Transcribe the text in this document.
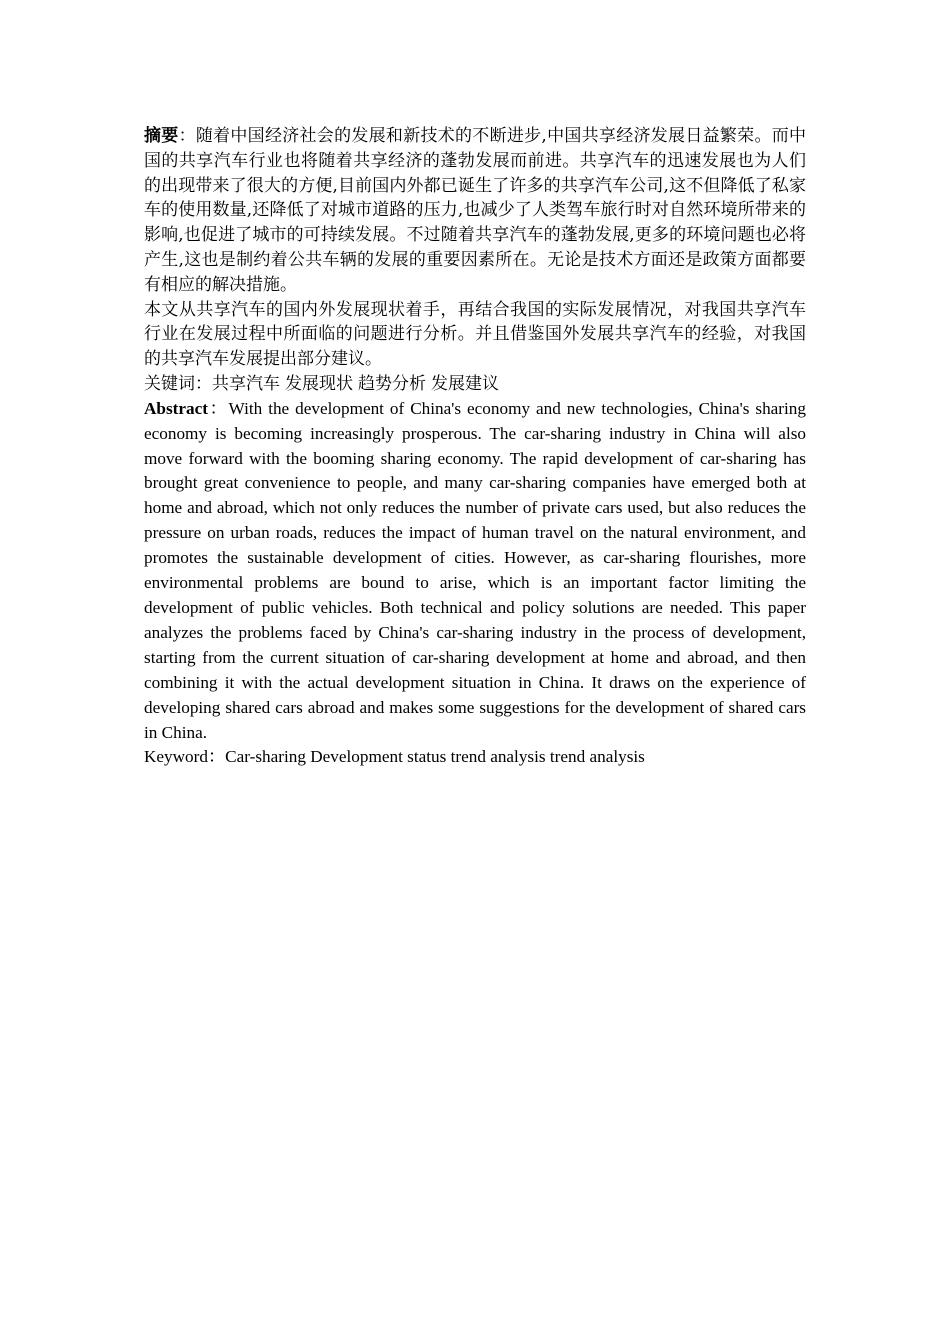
摘要：随着中国经济社会的发展和新技术的不断进步,中国共享经济发展日益繁荣。而中国的共享汽车行业也将随着共享经济的蓬勃发展而前进。共享汽车的迅速发展也为人们的出现带来了很大的方便,目前国内外都已诞生了许多的共享汽车公司,这不但降低了私家车的使用数量,还降低了对城市道路的压力,也减少了人类驾车旅行时对自然环境所带来的影响,也促进了城市的可持续发展。不过随着共享汽车的蓬勃发展,更多的环境问题也必将产生,这也是制约着公共车辆的发展的重要因素所在。无论是技术方面还是政策方面都要有相应的解决措施。

本文从共享汽车的国内外发展现状着手，再结合我国的实际发展情况，对我国共享汽车行业在发展过程中所面临的问题进行分析。并且借鉴国外发展共享汽车的经验，对我国的共享汽车发展提出部分建议。

关键词：共享汽车 发展现状 趋势分析 发展建议

Abstract：With the development of China's economy and new technologies, China's sharing economy is becoming increasingly prosperous. The car-sharing industry in China will also move forward with the booming sharing economy. The rapid development of car-sharing has brought great convenience to people, and many car-sharing companies have emerged both at home and abroad, which not only reduces the number of private cars used, but also reduces the pressure on urban roads, reduces the impact of human travel on the natural environment, and promotes the sustainable development of cities. However, as car-sharing flourishes, more environmental problems are bound to arise, which is an important factor limiting the development of public vehicles. Both technical and policy solutions are needed. This paper analyzes the problems faced by China's car-sharing industry in the process of development, starting from the current situation of car-sharing development at home and abroad, and then combining it with the actual development situation in China. It draws on the experience of developing shared cars abroad and makes some suggestions for the development of shared cars in China.

Keyword：Car-sharing Development status trend analysis trend analysis
